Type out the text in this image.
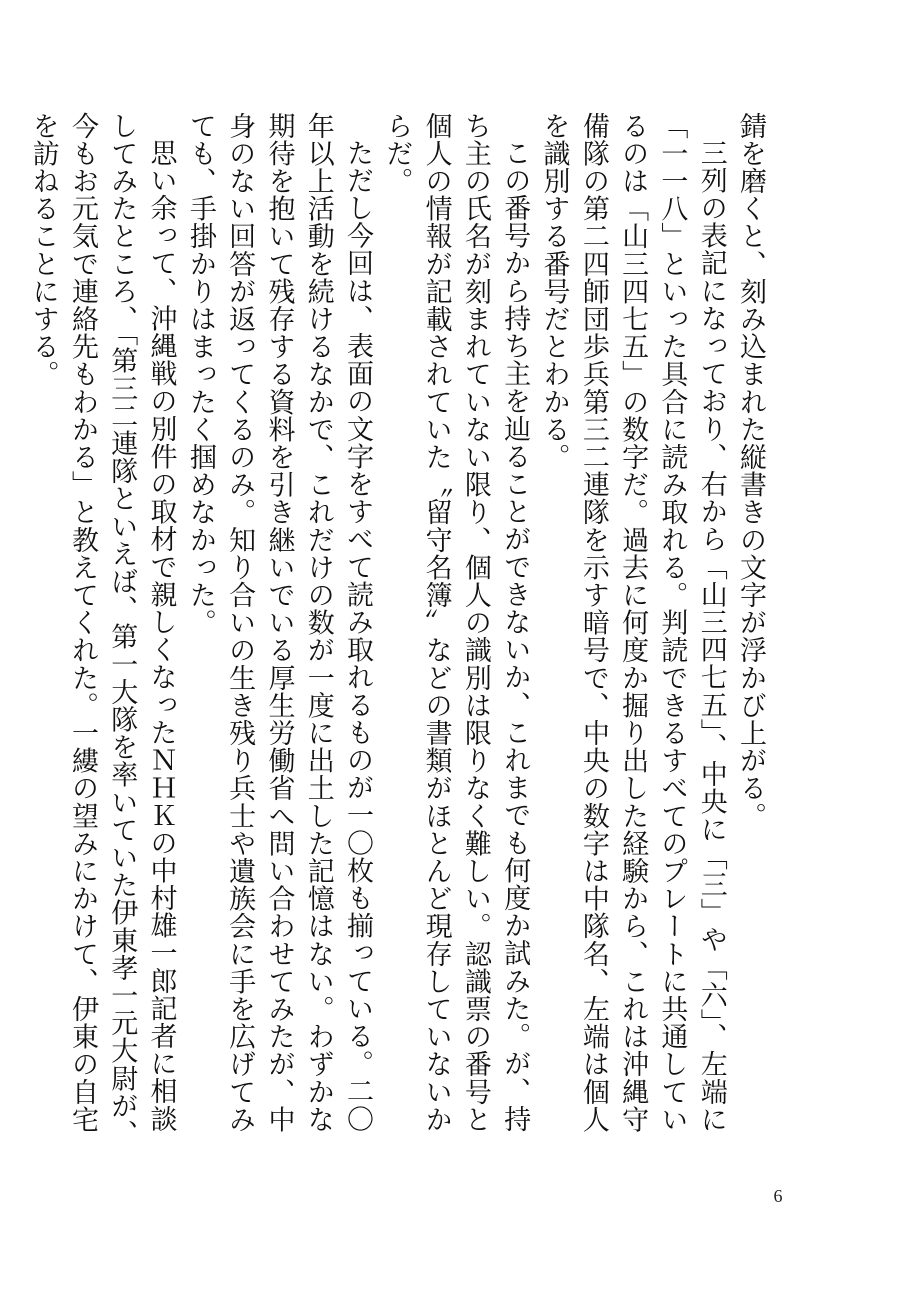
錆を磨くと、刻み込まれた縦書きの文字が浮かび上がる。

三列の表記になっており、右から「山三四七五」、中央に「三」や「六」、左端に「一一八」といった具合に読み取れる。判読できるすべてのプレートに共通しているのは「山三四七五」の数字だ。過去に何度か掘り出した経験から、これは沖縄守備隊の第二四師団歩兵第三二連隊を示す暗号で、中央の数字は中隊名、左端は個人を識別する番号だとわかる。

この番号から持ち主を辿ることができないか、これまでも何度か試みた。が、持ち主の氏名が刻まれていない限り、個人の識別は限りなく難しい。認識票の番号と個人の情報が記載されていた〝留守名簿〟などの書類がほとんど現存していないからだ。

ただし今回は、表面の文字をすべて読み取れるものが一〇枚も揃っている。二〇年以上活動を続けるなかで、これだけの数が一度に出土した記憶はない。わずかな期待を抱いて残存する資料を引き継いでいる厚生労働省へ問い合わせてみたが、中身のない回答が返ってくるのみ。知り合いの生き残り兵士や遺族会に手を広げてみても、手掛かりはまったく掴めなかった。

思い余って、沖縄戦の別件の取材で親しくなったＮＨＫの中村雄一郎記者に相談してみたところ、「第三二連隊といえば、第一大隊を率いていた伊東孝一元大尉が、今もお元気で連絡先もわかる」と教えてくれた。一縷の望みにかけて、伊東の自宅を訪ねることにする。

6
